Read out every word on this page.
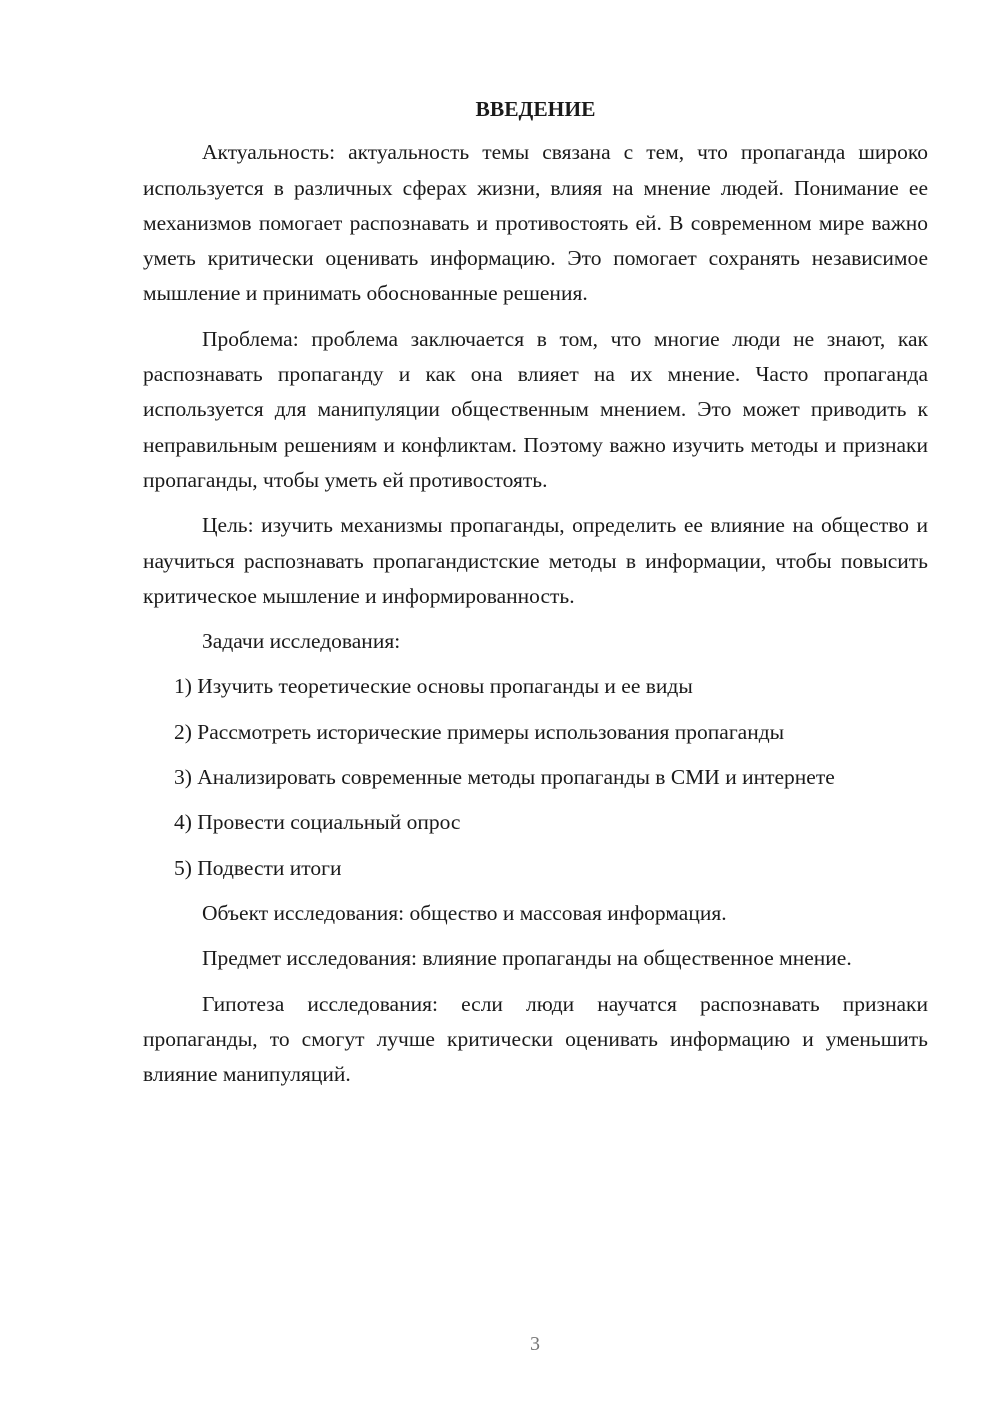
ВВЕДЕНИЕ

Актуальность: актуальность темы связана с тем, что пропаганда широко используется в различных сферах жизни, влияя на мнение людей. Понимание ее механизмов помогает распознавать и противостоять ей. В современном мире важно уметь критически оценивать информацию. Это помогает сохранять независимое мышление и принимать обоснованные решения.

Проблема: проблема заключается в том, что многие люди не знают, как распознавать пропаганду и как она влияет на их мнение. Часто пропаганда используется для манипуляции общественным мнением. Это может приводить к неправильным решениям и конфликтам. Поэтому важно изучить методы и признаки пропаганды, чтобы уметь ей противостоять.

Цель: изучить механизмы пропаганды, определить ее влияние на общество и научиться распознавать пропагандистские методы в информации, чтобы повысить критическое мышление и информированность.

Задачи исследования:

1) Изучить теоретические основы пропаганды и ее виды

2) Рассмотреть исторические примеры использования пропаганды

3) Анализировать современные методы пропаганды в СМИ и интернете

4) Провести социальный опрос

5) Подвести итоги

Объект исследования: общество и массовая информация.

Предмет исследования: влияние пропаганды на общественное мнение.

Гипотеза исследования: если люди научатся распознавать признаки пропаганды, то смогут лучше критически оценивать информацию и уменьшить влияние манипуляций.

3
